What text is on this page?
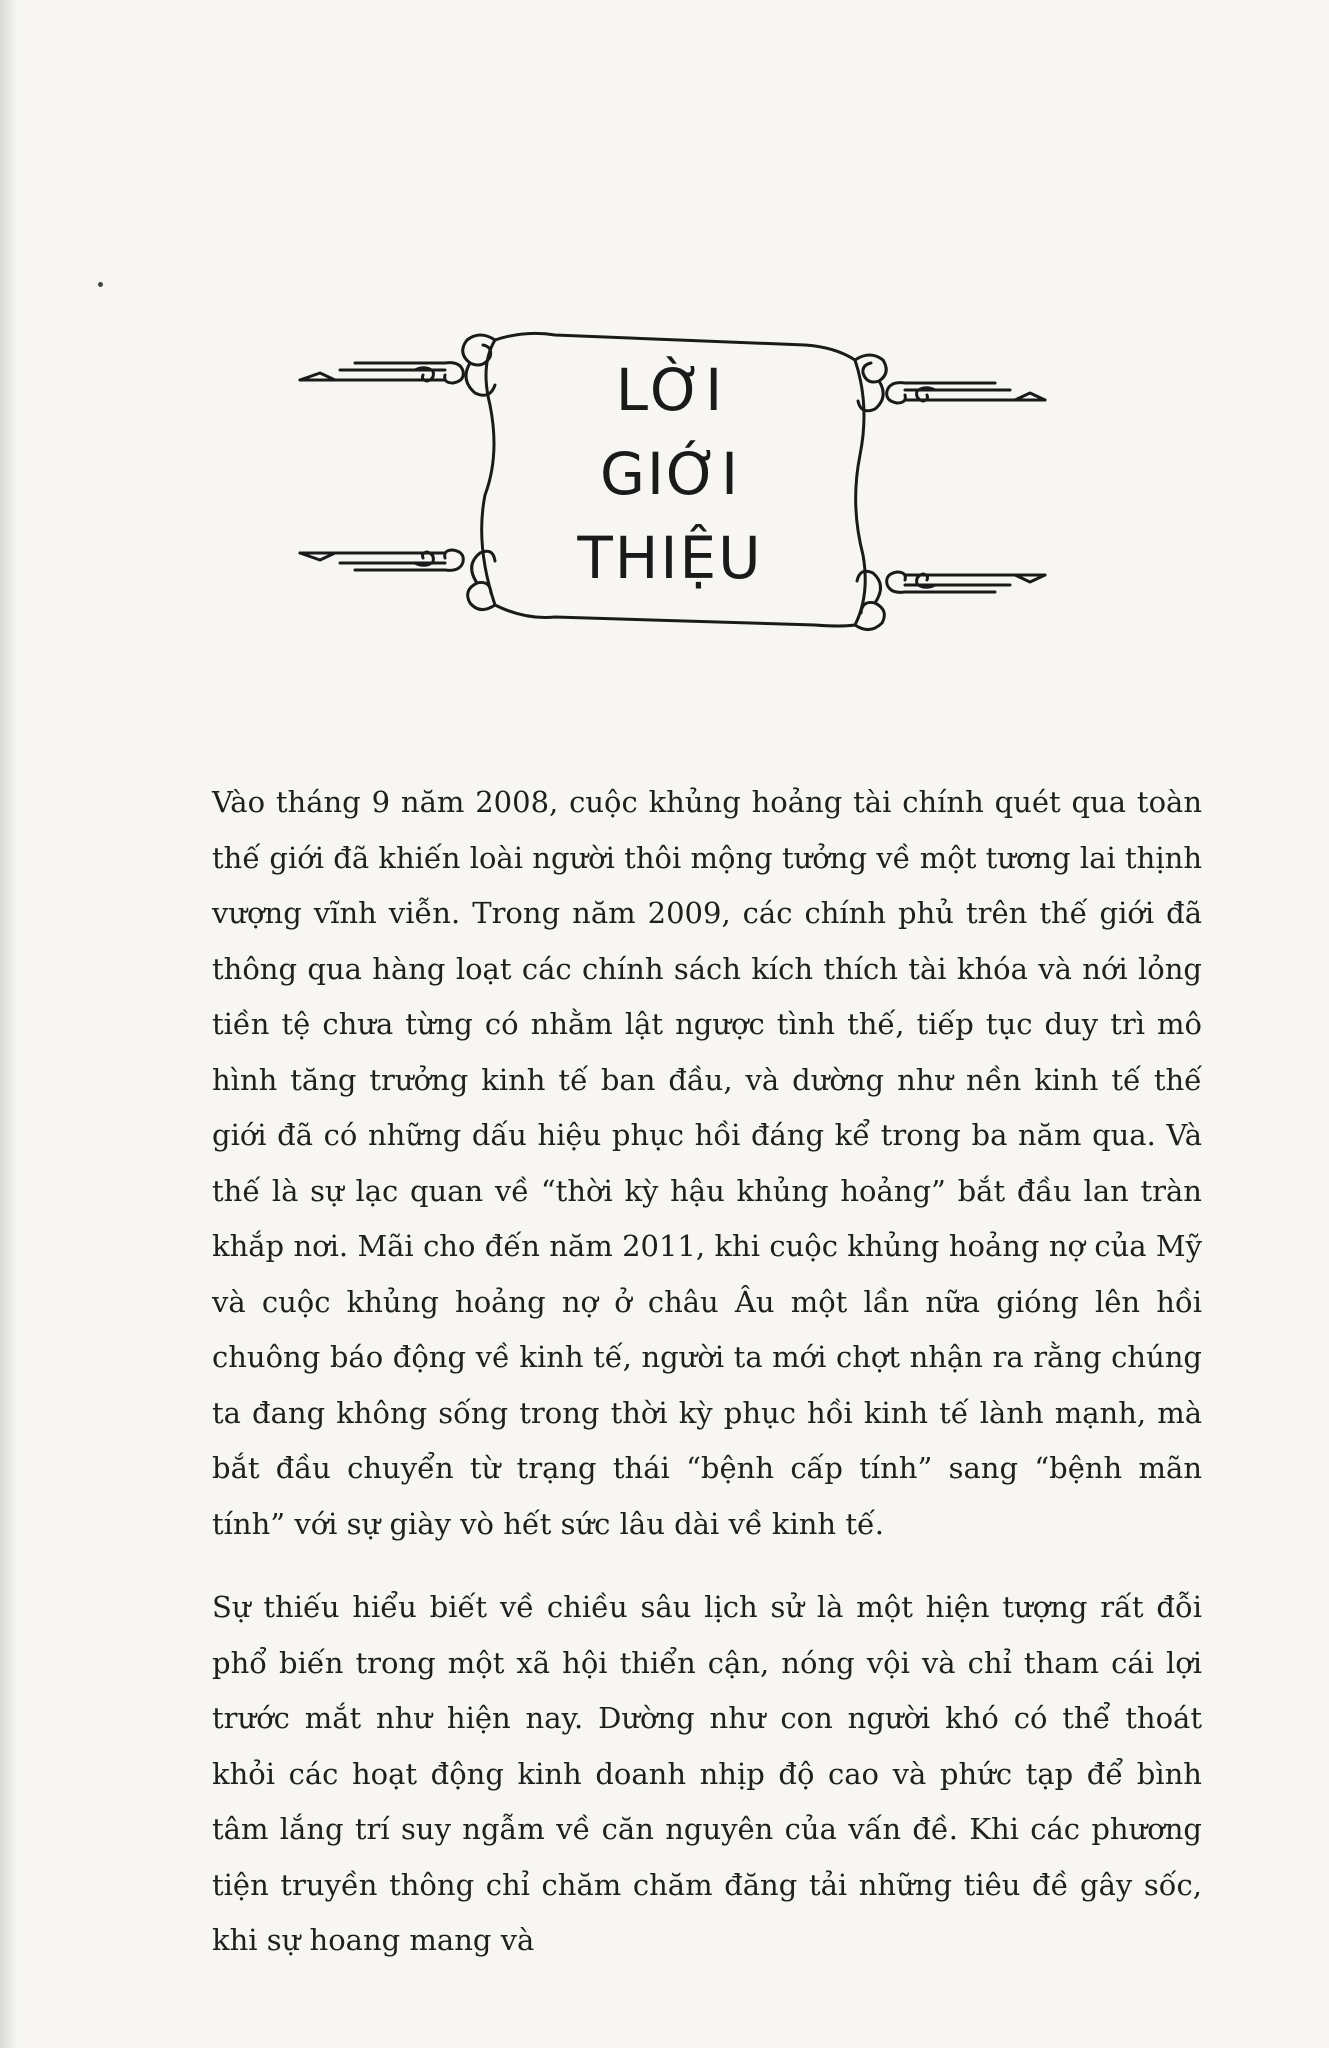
LỜI
GIỚI
THIỆU

Vào tháng 9 năm 2008, cuộc khủng hoảng tài chính quét qua toàn thế giới đã khiến loài người thôi mộng tưởng về một tương lai thịnh vượng vĩnh viễn. Trong năm 2009, các chính phủ trên thế giới đã thông qua hàng loạt các chính sách kích thích tài khóa và nới lỏng tiền tệ chưa từng có nhằm lật ngược tình thế, tiếp tục duy trì mô hình tăng trưởng kinh tế ban đầu, và dường như nền kinh tế thế giới đã có những dấu hiệu phục hồi đáng kể trong ba năm qua. Và thế là sự lạc quan về “thời kỳ hậu khủng hoảng” bắt đầu lan tràn khắp nơi. Mãi cho đến năm 2011, khi cuộc khủng hoảng nợ của Mỹ và cuộc khủng hoảng nợ ở châu Âu một lần nữa gióng lên hồi chuông báo động về kinh tế, người ta mới chợt nhận ra rằng chúng ta đang không sống trong thời kỳ phục hồi kinh tế lành mạnh, mà bắt đầu chuyển từ trạng thái “bệnh cấp tính” sang “bệnh mãn tính” với sự giày vò hết sức lâu dài về kinh tế.

Sự thiếu hiểu biết về chiều sâu lịch sử là một hiện tượng rất đỗi phổ biến trong một xã hội thiển cận, nóng vội và chỉ tham cái lợi trước mắt như hiện nay. Dường như con người khó có thể thoát khỏi các hoạt động kinh doanh nhịp độ cao và phức tạp để bình tâm lắng trí suy ngẫm về căn nguyên của vấn đề. Khi các phương tiện truyền thông chỉ chăm chăm đăng tải những tiêu đề gây sốc, khi sự hoang mang và
